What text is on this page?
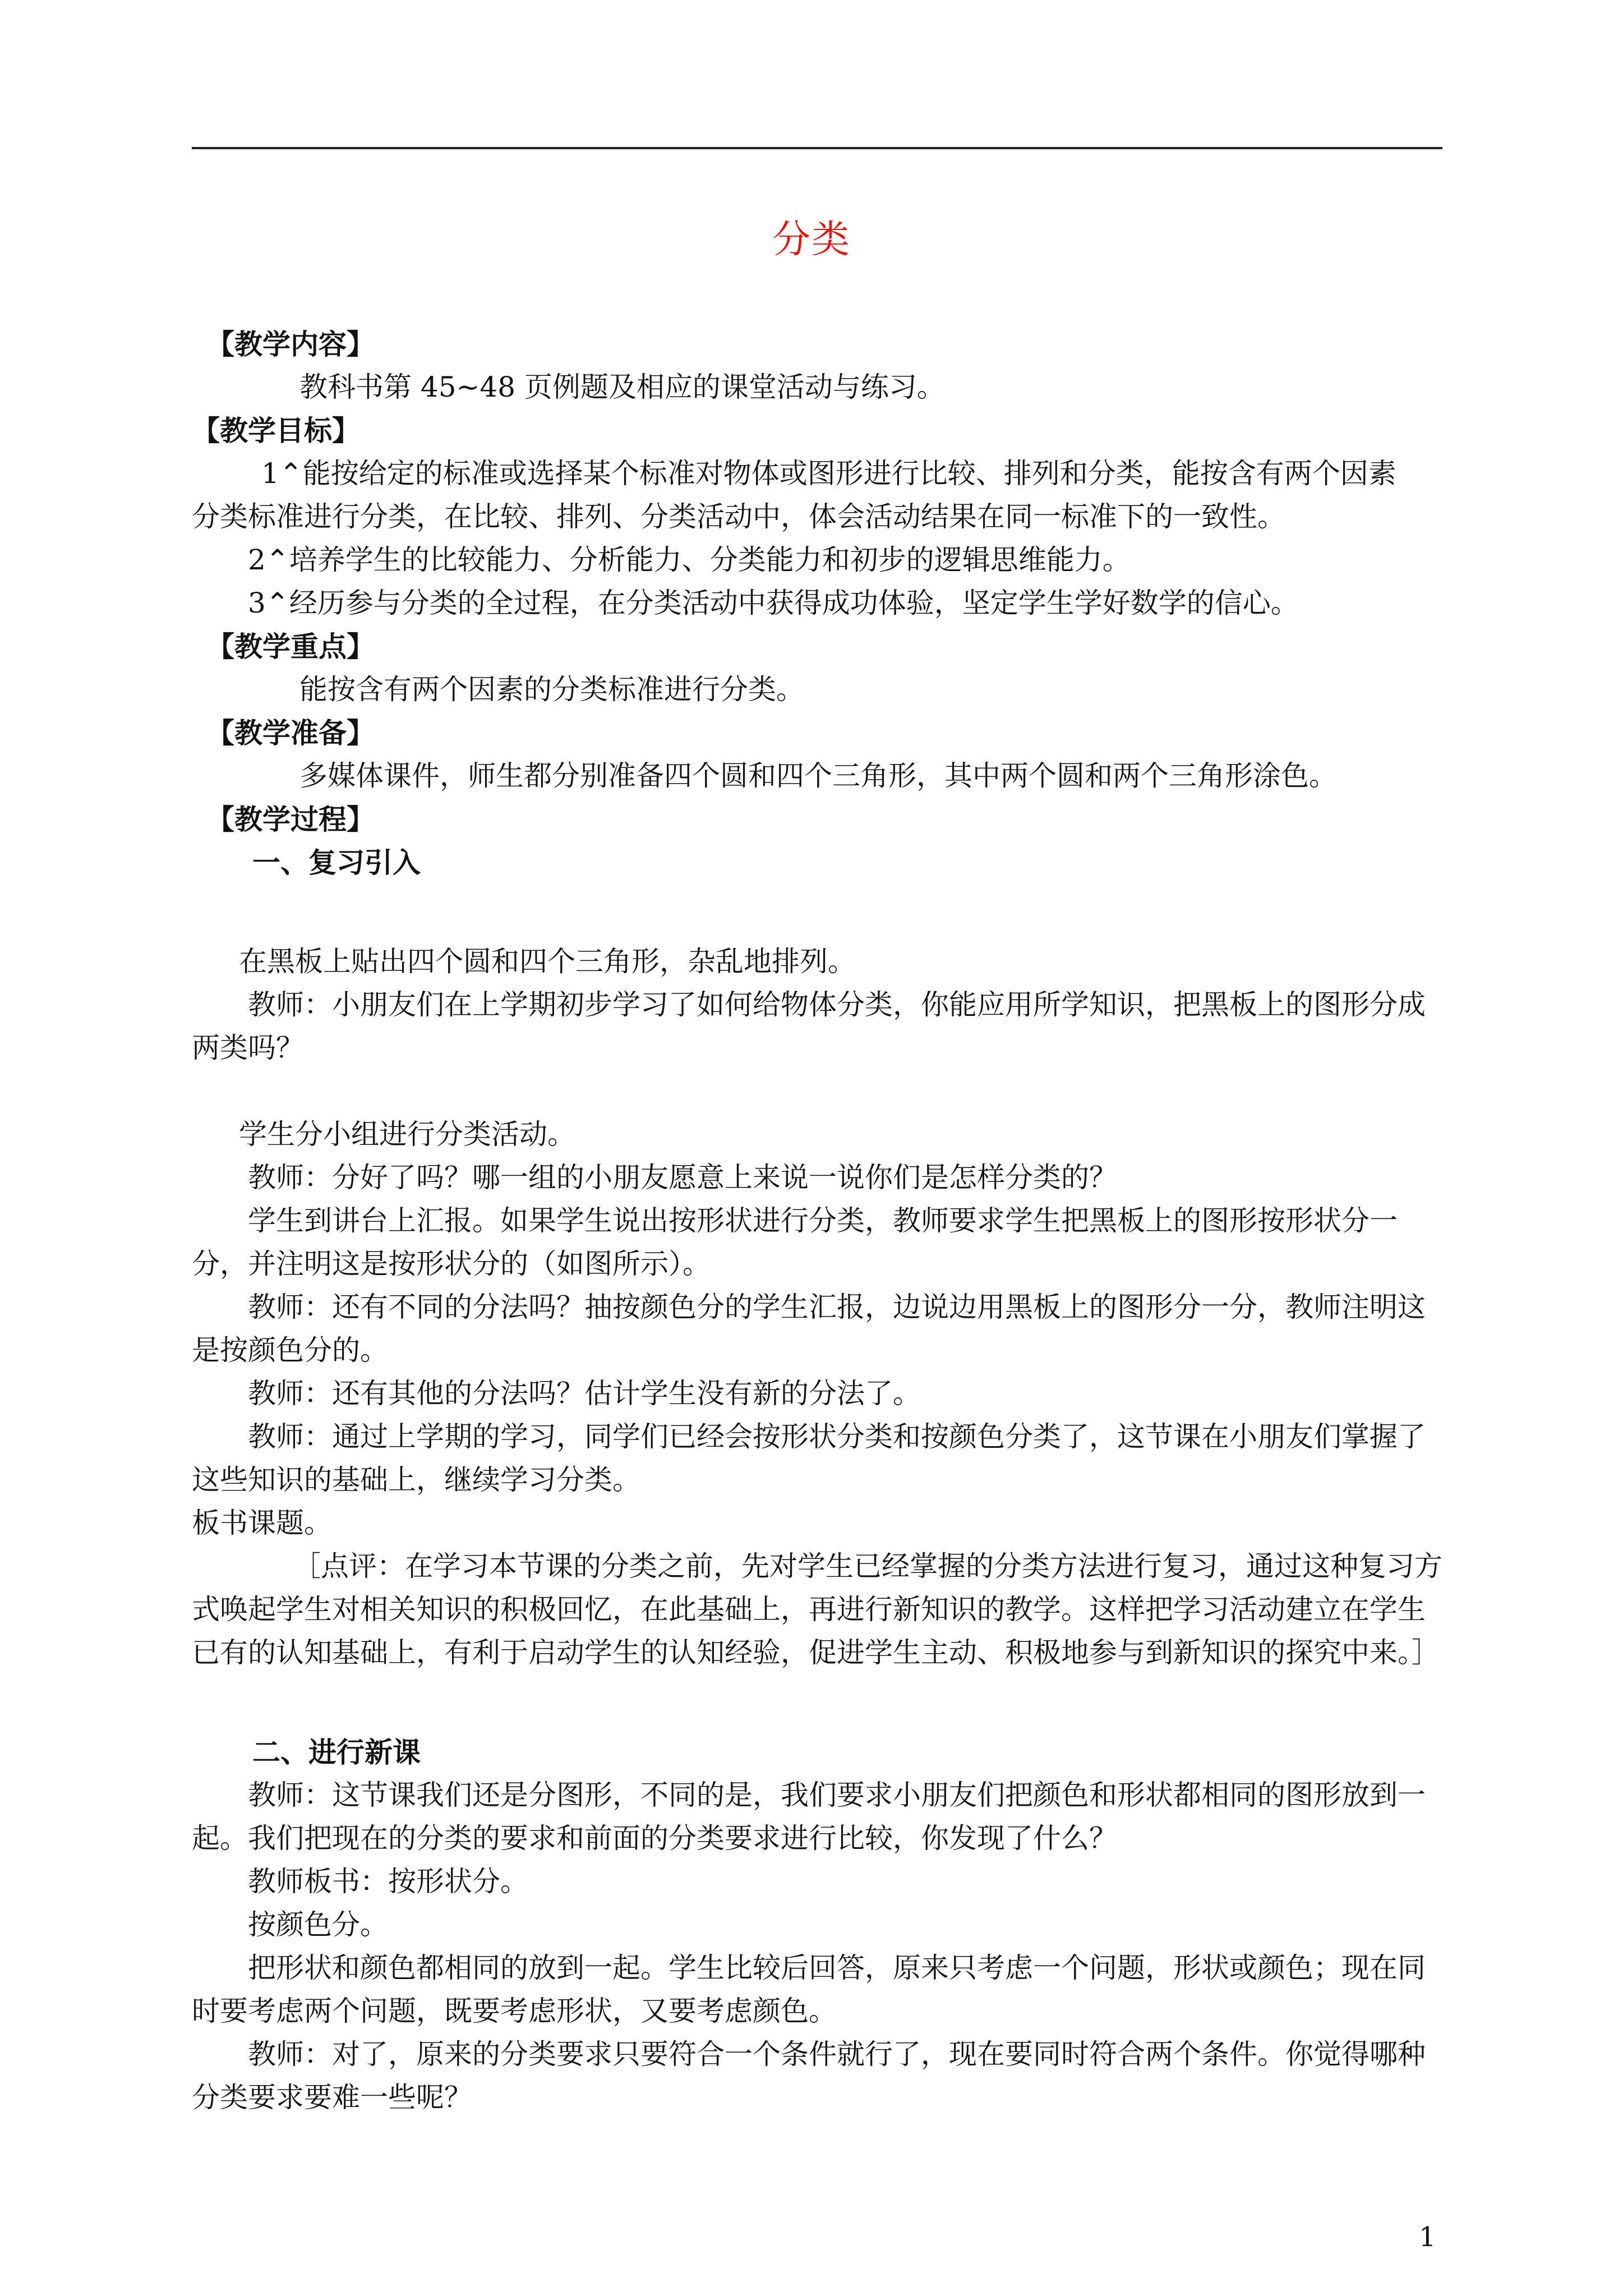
分类

【教学内容】

教科书第 45~48 页例题及相应的课堂活动与练习。

【教学目标】

1⌃能按给定的标准或选择某个标准对物体或图形进行比较、排列和分类，能按含有两个因素

分类标准进行分类，在比较、排列、分类活动中，体会活动结果在同一标准下的一致性。

2⌃培养学生的比较能力、分析能力、分类能力和初步的逻辑思维能力。

3⌃经历参与分类的全过程，在分类活动中获得成功体验，坚定学生学好数学的信心。

【教学重点】

能按含有两个因素的分类标准进行分类。

【教学准备】

多媒体课件，师生都分别准备四个圆和四个三角形，其中两个圆和两个三角形涂色。

【教学过程】

一、复习引入

在黑板上贴出四个圆和四个三角形，杂乱地排列。

教师：小朋友们在上学期初步学习了如何给物体分类，你能应用所学知识，把黑板上的图形分成两类吗？

学生分小组进行分类活动。

教师：分好了吗？哪一组的小朋友愿意上来说一说你们是怎样分类的？

学生到讲台上汇报。如果学生说出按形状进行分类，教师要求学生把黑板上的图形按形状分一分，并注明这是按形状分的（如图所示）。

教师：还有不同的分法吗？抽按颜色分的学生汇报，边说边用黑板上的图形分一分，教师注明这是按颜色分的。

教师：还有其他的分法吗？估计学生没有新的分法了。

教师：通过上学期的学习，同学们已经会按形状分类和按颜色分类了，这节课在小朋友们掌握了这些知识的基础上，继续学习分类。

板书课题。

［点评：在学习本节课的分类之前，先对学生已经掌握的分类方法进行复习，通过这种复习方式唤起学生对相关知识的积极回忆，在此基础上，再进行新知识的教学。这样把学习活动建立在学生已有的认知基础上，有利于启动学生的认知经验，促进学生主动、积极地参与到新知识的探究中来。］

二、进行新课

教师：这节课我们还是分图形，不同的是，我们要求小朋友们把颜色和形状都相同的图形放到一起。我们把现在的分类的要求和前面的分类要求进行比较，你发现了什么？

教师板书：按形状分。

按颜色分。

把形状和颜色都相同的放到一起。学生比较后回答，原来只考虑一个问题，形状或颜色；现在同时要考虑两个问题，既要考虑形状，又要考虑颜色。

教师：对了，原来的分类要求只要符合一个条件就行了，现在要同时符合两个条件。你觉得哪种分类要求要难一些呢？

1
